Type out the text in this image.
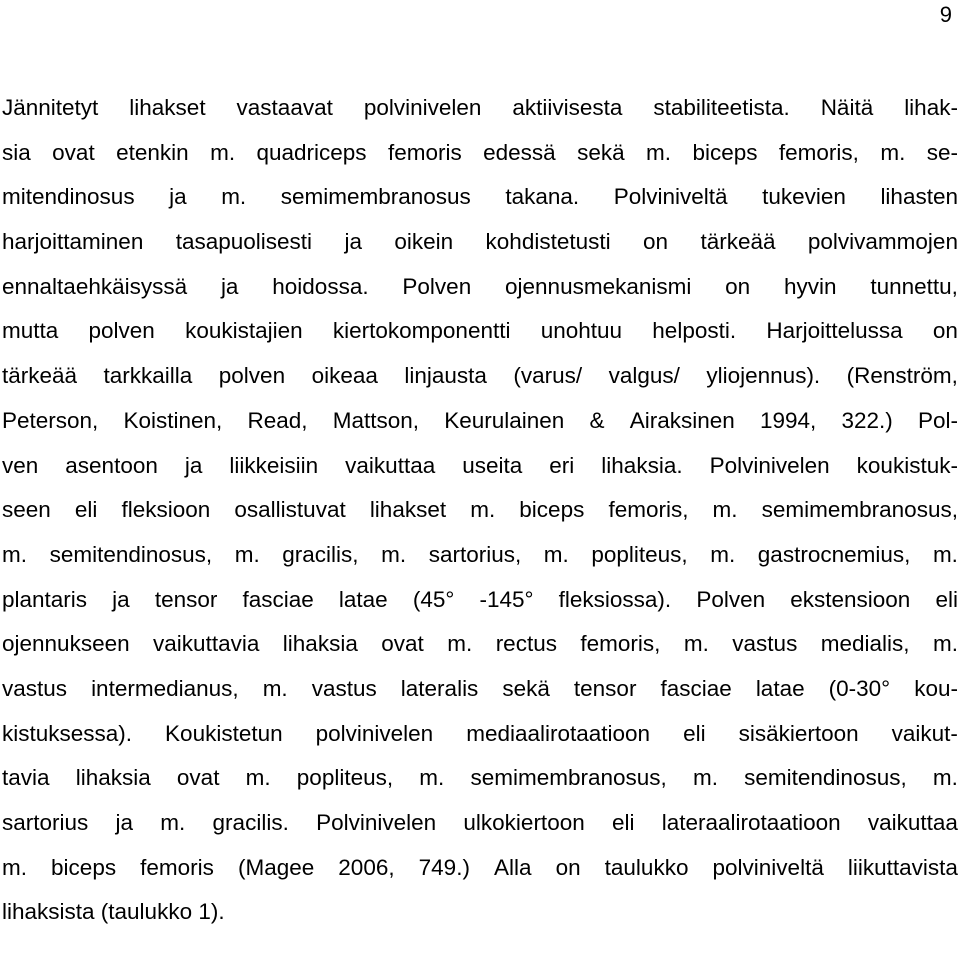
9
Jännitetyt lihakset vastaavat polvinivelen aktiivisesta stabiliteetista. Näitä lihak-
sia ovat etenkin m. quadriceps femoris edessä sekä m. biceps femoris, m. se-
mitendinosus ja m. semimembranosus takana. Polviniveltä tukevien lihasten
harjoittaminen tasapuolisesti ja oikein kohdistetusti on tärkeää polvivammojen
ennaltaehkäisyssä ja hoidossa. Polven ojennusmekanismi on hyvin tunnettu,
mutta polven koukistajien kiertokomponentti unohtuu helposti. Harjoittelussa on
tärkeää tarkkailla polven oikeaa linjausta (varus/ valgus/ yliojennus). (Renström,
Peterson, Koistinen, Read, Mattson, Keurulainen & Airaksinen 1994, 322.) Pol-
ven asentoon ja liikkeisiin vaikuttaa useita eri lihaksia. Polvinivelen koukistuk-
seen eli fleksioon osallistuvat lihakset m. biceps femoris, m. semimembranosus,
m. semitendinosus, m. gracilis, m. sartorius, m. popliteus, m. gastrocnemius, m.
plantaris ja tensor fasciae latae (45° -145° fleksiossa). Polven ekstensioon eli
ojennukseen vaikuttavia lihaksia ovat m. rectus femoris, m. vastus medialis, m.
vastus intermedianus, m. vastus lateralis sekä tensor fasciae latae (0-30° kou-
kistuksessa). Koukistetun polvinivelen mediaalirotaatioon eli sisäkiertoon vaikut-
tavia lihaksia ovat m. popliteus, m. semimembranosus, m. semitendinosus, m.
sartorius ja m. gracilis. Polvinivelen ulkokiertoon eli lateraalirotaatioon vaikuttaa
m. biceps femoris (Magee 2006, 749.) Alla on taulukko polviniveltä liikuttavista
lihaksista (taulukko 1).
